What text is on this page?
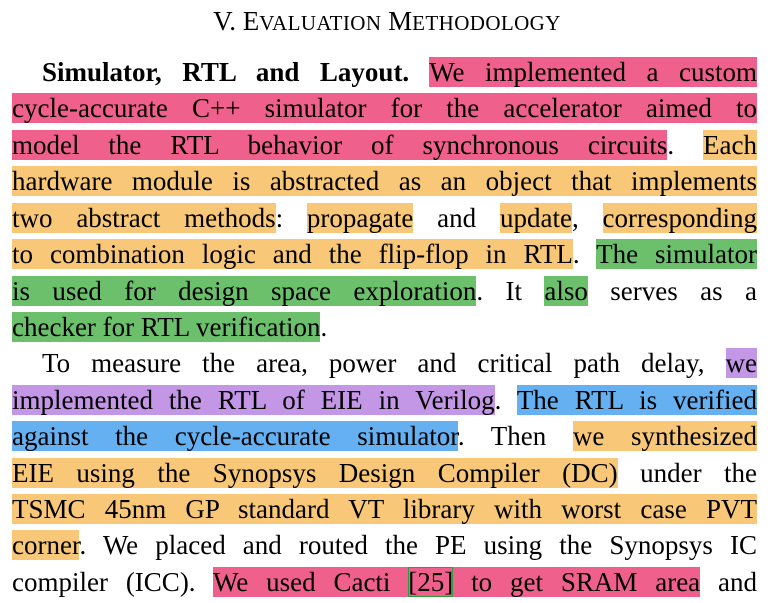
V. EVALUATION METHODOLOGY
Simulator, RTL and Layout. We implemented a custom
cycle-accurate C++ simulator for the accelerator aimed to
model the RTL behavior of synchronous circuits. Each
hardware module is abstracted as an object that implements
two abstract methods: propagate and update, corresponding
to combination logic and the flip-flop in RTL. The simulator
is used for design space exploration. It also serves as a
checker for RTL verification.
To measure the area, power and critical path delay, we
implemented the RTL of EIE in Verilog. The RTL is verified
against the cycle-accurate simulator. Then we synthesized
EIE using the Synopsys Design Compiler (DC) under the
TSMC 45nm GP standard VT library with worst case PVT
corner. We placed and routed the PE using the Synopsys IC
compiler (ICC). We used Cacti [25] to get SRAM area and
